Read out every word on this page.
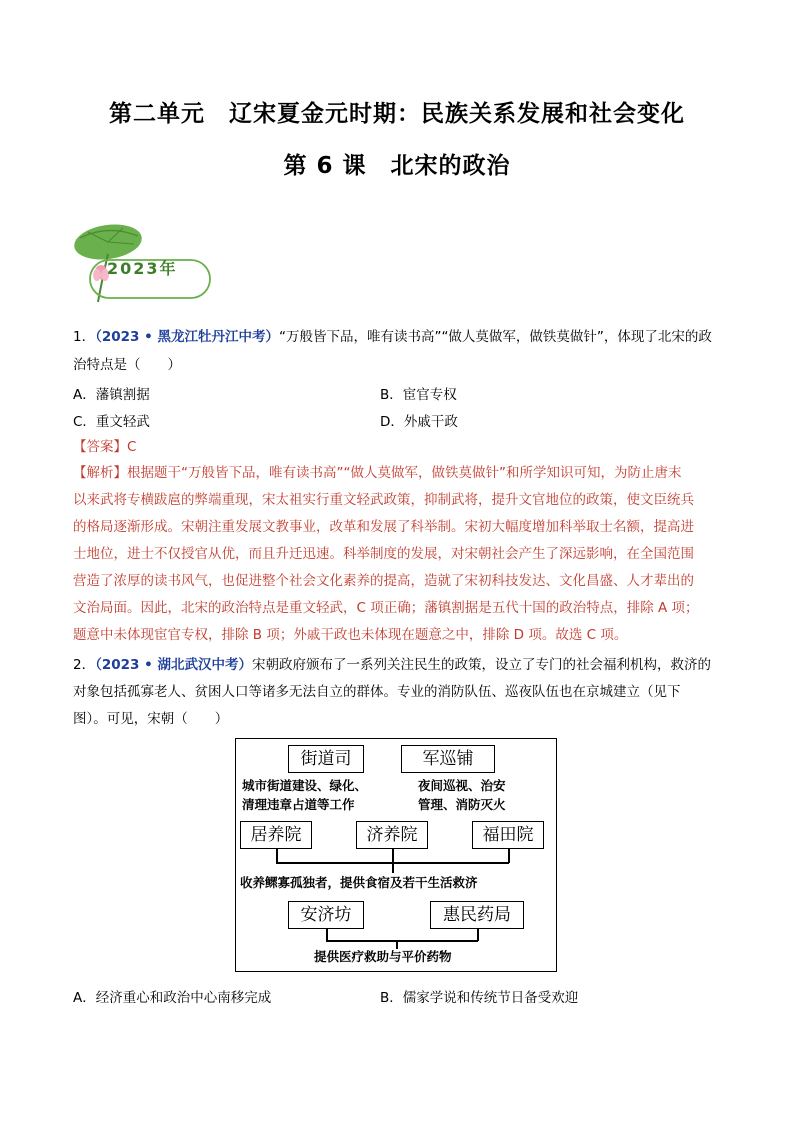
第二单元　辽宋夏金元时期：民族关系发展和社会变化
第 6 课　北宋的政治
2023年
1．（2023 • 黑龙江牡丹江中考）“万般皆下品，唯有读书高”“做人莫做军，做铁莫做针”，体现了北宋的政
治特点是（　　）
A．藩镇割据	B．宦官专权
C．重文轻武	D．外戚干政
【答案】C
【解析】根据题干“万般皆下品，唯有读书高”“做人莫做军，做铁莫做针”和所学知识可知，为防止唐末
以来武将专横跋扈的弊端重现，宋太祖实行重文轻武政策，抑制武将，提升文官地位的政策，使文臣统兵
的格局逐渐形成。宋朝注重发展文教事业，改革和发展了科举制。宋初大幅度增加科举取士名额，提高进
士地位，进士不仅授官从优，而且升迁迅速。科举制度的发展，对宋朝社会产生了深远影响，在全国范围
营造了浓厚的读书风气，也促进整个社会文化素养的提高，造就了宋初科技发达、文化昌盛、人才辈出的
文治局面。因此，北宋的政治特点是重文轻武，C 项正确；藩镇割据是五代十国的政治特点，排除 A 项；
题意中未体现宦官专权，排除 B 项；外戚干政也未体现在题意之中，排除 D 项。故选 C 项。
2．（2023 • 湖北武汉中考）宋朝政府颁布了一系列关注民生的政策，设立了专门的社会福利机构，救济的
对象包括孤寡老人、贫困人口等诸多无法自立的群体。专业的消防队伍、巡夜队伍也在京城建立（见下
图）。可见，宋朝（　　）
街道司	军巡铺
城市街道建设、绿化、
清理违章占道等工作
夜间巡视、治安
管理、消防灭火
居养院	济养院	福田院
收养鳏寡孤独者，提供食宿及若干生活救济
安济坊	惠民药局
提供医疗救助与平价药物
A．经济重心和政治中心南移完成	B．儒家学说和传统节日备受欢迎
